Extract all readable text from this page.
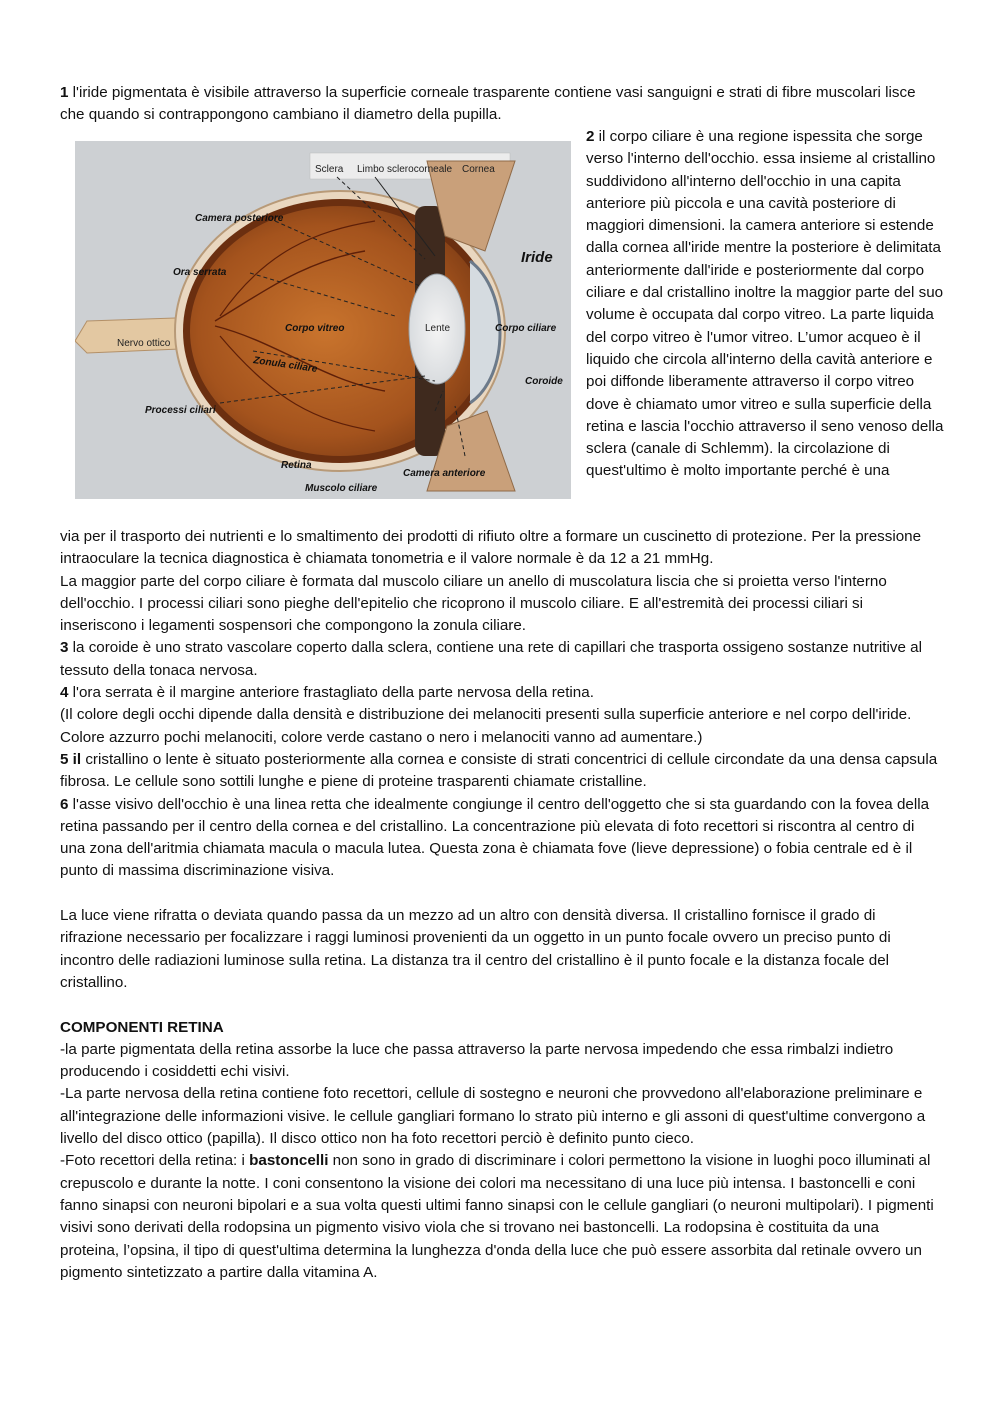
1 l'iride pigmentata è visibile attraverso la superficie corneale trasparente contiene vasi sanguigni e strati di fibre muscolari lisce che quando si contrappongono cambiano il diametro della pupilla.

Sclera Limbo sclerocorneale Cornea
Camera posteriore
Ora serrata
Iride
Corpo vitreo	Lente	Corpo ciliare
Nervo ottico
Zonula ciliare
Coroide
Processi ciliari
Retina
Camera anteriore
Muscolo ciliare

2 il corpo ciliare è una regione ispessita che sorge verso l'interno dell'occhio. essa insieme al cristallino suddividono all'interno dell'occhio in una capita anteriore più piccola e una cavità posteriore di maggiori dimensioni. la camera anteriore si estende dalla cornea all'iride mentre la posteriore è delimitata anteriormente dall'iride e posteriormente dal corpo ciliare e dal cristallino inoltre la maggior parte del suo volume è occupata dal corpo vitreo. La parte liquida del corpo vitreo è l'umor vitreo. L’umor acqueo è il liquido che circola all'interno della cavità anteriore e poi diffonde liberamente attraverso il corpo vitreo dove è chiamato umor vitreo e sulla superficie della retina e lascia l'occhio attraverso il seno venoso della sclera (canale di Schlemm). la circolazione di quest'ultimo è molto importante perché è una

via per il trasporto dei nutrienti e lo smaltimento dei prodotti di rifiuto oltre a formare un cuscinetto di protezione. Per la pressione intraoculare la tecnica diagnostica è chiamata tonometria e il valore normale è da 12 a 21 mmHg.

La maggior parte del corpo ciliare è formata dal muscolo ciliare un anello di muscolatura liscia che si proietta verso l'interno dell'occhio. I processi ciliari sono pieghe dell'epitelio che ricoprono il muscolo ciliare. E all'estremità dei processi ciliari si inseriscono i legamenti sospensori che compongono la zonula ciliare.

3 la coroide è uno strato vascolare coperto dalla sclera, contiene una rete di capillari che trasporta ossigeno sostanze nutritive al tessuto della tonaca nervosa.

4 l'ora serrata è il margine anteriore frastagliato della parte nervosa della retina.

(Il colore degli occhi dipende dalla densità e distribuzione dei melanociti presenti sulla superficie anteriore e nel corpo dell'iride. Colore azzurro pochi melanociti, colore verde castano o nero i melanociti vanno ad aumentare.)

5 il cristallino o lente è situato posteriormente alla cornea e consiste di strati concentrici di cellule circondate da una densa capsula fibrosa. Le cellule sono sottili lunghe e piene di proteine trasparenti chiamate cristalline.

6 l'asse visivo dell'occhio è una linea retta che idealmente congiunge il centro dell'oggetto che si sta guardando con la fovea della retina passando per il centro della cornea e del cristallino. La concentrazione più elevata di foto recettori si riscontra al centro di una zona dell'aritmia chiamata macula o macula lutea. Questa zona è chiamata fove (lieve depressione) o fobia centrale ed è il punto di massima discriminazione visiva.

La luce viene rifratta o deviata quando passa da un mezzo ad un altro con densità diversa. Il cristallino fornisce il grado di rifrazione necessario per focalizzare i raggi luminosi provenienti da un oggetto in un punto focale ovvero un preciso punto di incontro delle radiazioni luminose sulla retina. La distanza tra il centro del cristallino è il punto focale e la distanza focale del cristallino.

COMPONENTI RETINA

-la parte pigmentata della retina assorbe la luce che passa attraverso la parte nervosa impedendo che essa rimbalzi indietro producendo i cosiddetti echi visivi.

-La parte nervosa della retina contiene foto recettori, cellule di sostegno e neuroni che provvedono all'elaborazione preliminare e all'integrazione delle informazioni visive. le cellule gangliari formano lo strato più interno e gli assoni di quest'ultime convergono a livello del disco ottico (papilla). Il disco ottico non ha foto recettori perciò è definito punto cieco.

-Foto recettori della retina: i bastoncelli non sono in grado di discriminare i colori permettono la visione in luoghi poco illuminati al crepuscolo e durante la notte. I coni consentono la visione dei colori ma necessitano di una luce più intensa. I bastoncelli e coni fanno sinapsi con neuroni bipolari e a sua volta questi ultimi fanno sinapsi con le cellule gangliari (o neuroni multipolari). I pigmenti visivi sono derivati della rodopsina un pigmento visivo viola che si trovano nei bastoncelli. La rodopsina è costituita da una proteina, l’opsina, il tipo di quest'ultima determina la lunghezza d'onda della luce che può essere assorbita dal retinale ovvero un pigmento sintetizzato a partire dalla vitamina A.
